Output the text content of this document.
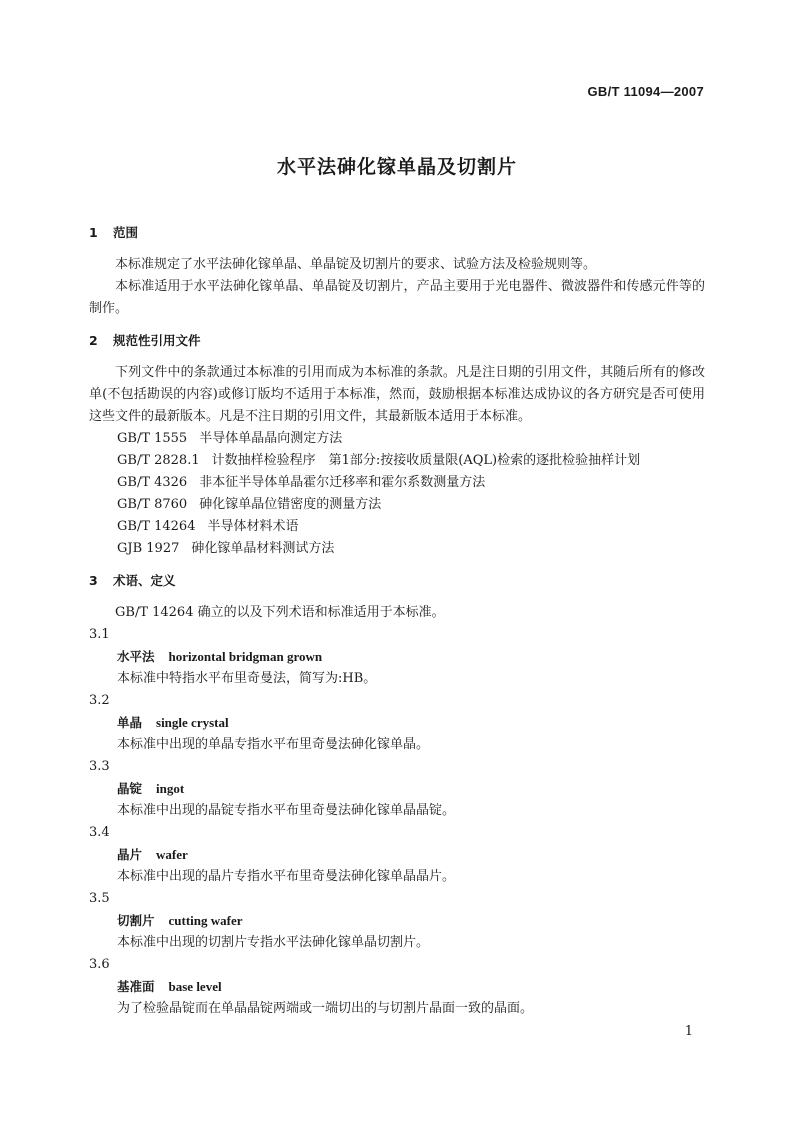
GB/T 11094—2007
水平法砷化镓单晶及切割片
1 范围

本标准规定了水平法砷化镓单晶、单晶锭及切割片的要求、试验方法及检验规则等。

本标准适用于水平法砷化镓单晶、单晶锭及切割片，产品主要用于光电器件、微波器件和传感元件等的制作。

2 规范性引用文件

下列文件中的条款通过本标准的引用而成为本标准的条款。凡是注日期的引用文件，其随后所有的修改单(不包括勘误的内容)或修订版均不适用于本标准，然而，鼓励根据本标准达成协议的各方研究是否可使用这些文件的最新版本。凡是不注日期的引用文件，其最新版本适用于本标准。

GB/T 1555 半导体单晶晶向测定方法
GB/T 2828.1 计数抽样检验程序　第1部分:按接收质量限(AQL)检索的逐批检验抽样计划
GB/T 4326 非本征半导体单晶霍尔迁移率和霍尔系数测量方法
GB/T 8760 砷化镓单晶位错密度的测量方法
GB/T 14264 半导体材料术语
GJB 1927 砷化镓单晶材料测试方法
3 术语、定义

GB/T 14264 确立的以及下列术语和标准适用于本标准。

3.1
水平法 horizontal bridgman grown
本标准中特指水平布里奇曼法，简写为:HB。
3.2
单晶 single crystal
本标准中出现的单晶专指水平布里奇曼法砷化镓单晶。
3.3
晶锭 ingot
本标准中出现的晶锭专指水平布里奇曼法砷化镓单晶晶锭。
3.4
晶片 wafer
本标准中出现的晶片专指水平布里奇曼法砷化镓单晶晶片。
3.5
切割片 cutting wafer
本标准中出现的切割片专指水平法砷化镓单晶切割片。
3.6
基准面 base level
为了检验晶锭而在单晶晶锭两端或一端切出的与切割片晶面一致的晶面。
1
